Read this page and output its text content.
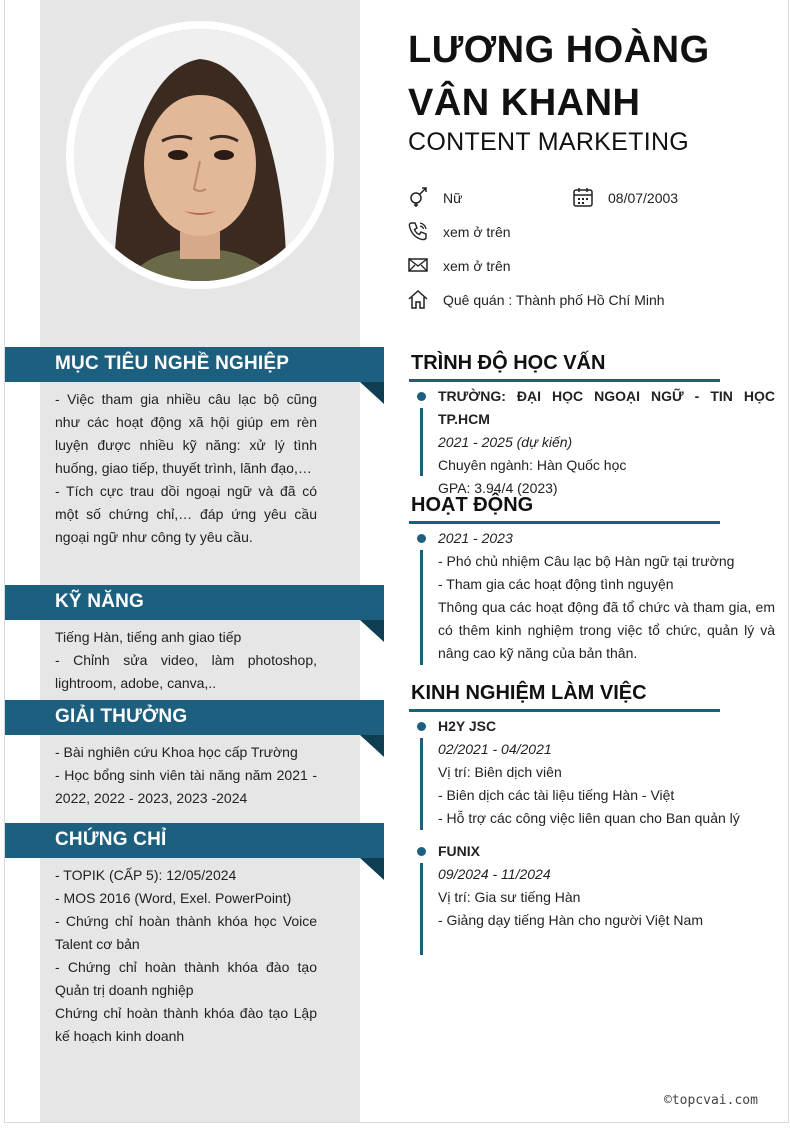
LƯƠNG HOÀNG
VÂN KHANH
CONTENT MARKETING
Nữ	08/07/2003
xem ở trên
xem ở trên
Quê quán : Thành phố Hồ Chí Minh
MỤC TIÊU NGHỀ NGHIỆP

- Việc tham gia nhiều câu lạc bộ cũng như các hoạt động xã hội giúp em rèn luyện được nhiều kỹ năng: xử lý tình huống, giao tiếp, thuyết trình, lãnh đạo,…

- Tích cực trau dồi ngoại ngữ và đã có một số chứng chỉ,… đáp ứng yêu cầu ngoại ngữ như công ty yêu cầu.

KỸ NĂNG

Tiếng Hàn, tiếng anh giao tiếp

- Chỉnh sửa video, làm photoshop, lightroom, adobe, canva,..

GIẢI THƯỞNG

- Bài nghiên cứu Khoa học cấp Trường

- Học bổng sinh viên tài năng năm 2021 - 2022, 2022 - 2023, 2023 -2024

CHỨNG CHỈ

- TOPIK (CẤP 5): 12/05/2024

- MOS 2016 (Word, Exel. PowerPoint)

- Chứng chỉ hoàn thành khóa học Voice Talent cơ bản

- Chứng chỉ hoàn thành khóa đào tạo Quản trị doanh nghiệp

Chứng chỉ hoàn thành khóa đào tạo Lập kế hoạch kinh doanh

TRÌNH ĐỘ HỌC VẤN

TRƯỜNG: ĐẠI HỌC NGOẠI NGỮ - TIN HỌC TP.HCM

2021 - 2025 (dự kiến)

Chuyên ngành: Hàn Quốc học

GPA: 3.94/4 (2023)

HOẠT ĐỘNG

2021 - 2023

- Phó chủ nhiệm Câu lạc bộ Hàn ngữ tại trường

- Tham gia các hoạt động tình nguyện

Thông qua các hoạt động đã tổ chức và tham gia, em có thêm kinh nghiệm trong việc tổ chức, quản lý và nâng cao kỹ năng của bản thân.

KINH NGHIỆM LÀM VIỆC

H2Y JSC

02/2021 - 04/2021

Vị trí: Biên dịch viên

- Biên dịch các tài liệu tiếng Hàn - Việt

- Hỗ trợ các công việc liên quan cho Ban quản lý

FUNIX

09/2024 - 11/2024

Vị trí: Gia sư tiếng Hàn

- Giảng dạy tiếng Hàn cho người Việt Nam

©topcvai.com
